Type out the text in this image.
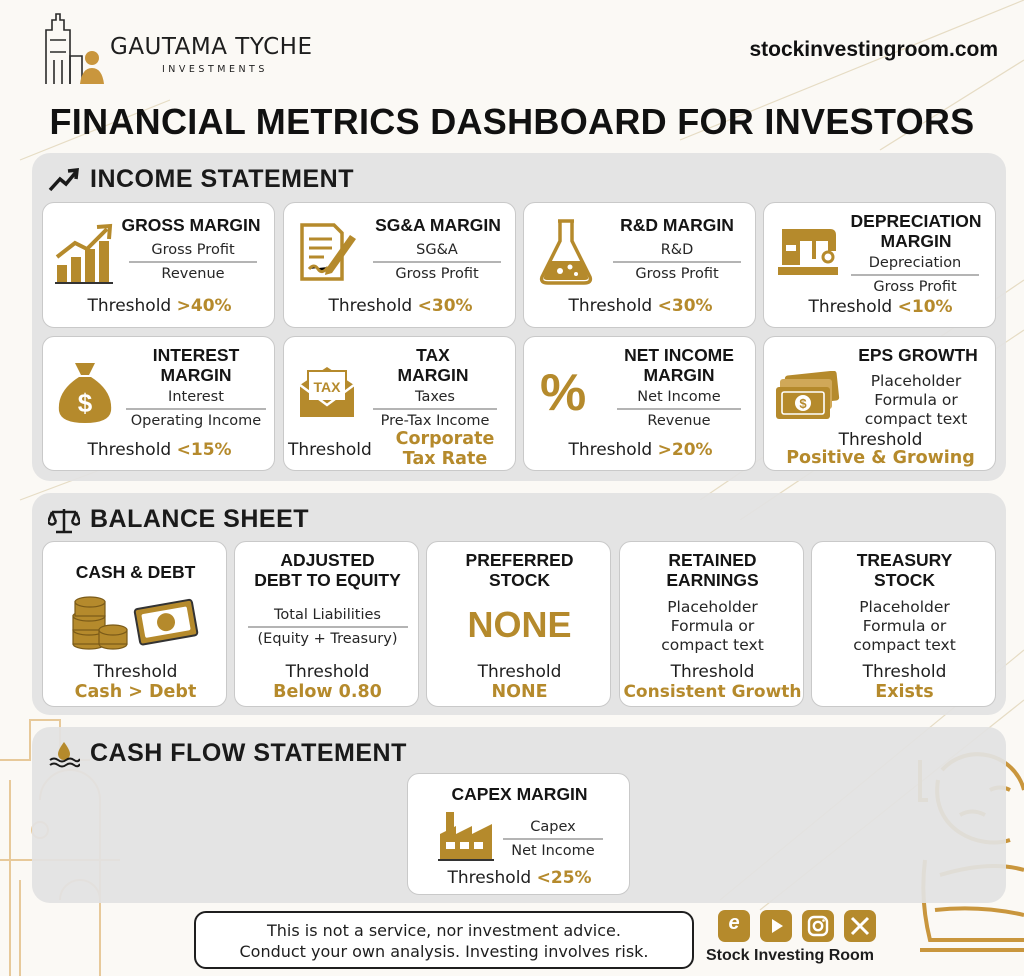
GAUTAMA TYCHE
INVESTMENTS
stockinvestingroom.com
FINANCIAL METRICS DASHBOARD FOR INVESTORS
INCOME STATEMENT
GROSS MARGIN
Gross Profit
Revenue
Threshold >40%
SG&A MARGIN
SG&A
Gross Profit
Threshold <30%
R&D MARGIN
R&D
Gross Profit
Threshold <30%
DEPRECIATION
MARGIN
Depreciation
Gross Profit
Threshold <10%
$
INTEREST
MARGIN
Interest
Operating Income
Threshold <15%
TAX
TAX
MARGIN
Taxes
Pre-Tax Income
Threshold
Corporate
Tax Rate
%
NET INCOME
MARGIN
Net Income
Revenue
Threshold >20%
$
EPS GROWTH
Placeholder
Formula or
compact text
Threshold
Positive & Growing
BALANCE SHEET
CASH & DEBT
Threshold
Cash > Debt
ADJUSTED
DEBT TO EQUITY
Total Liabilities
(Equity + Treasury)
Threshold
Below 0.80
PREFERRED
STOCK
NONE
Threshold
NONE
RETAINED
EARNINGS
Placeholder
Formula or
compact text
Threshold
Consistent Growth
TREASURY
STOCK
Placeholder
Formula or
compact text
Threshold
Exists
CASH FLOW STATEMENT
CAPEX MARGIN
Capex
Net Income
Threshold <25%
This is not a service, nor investment advice.
Conduct your own analysis. Investing involves risk.
e
Stock Investing Room
